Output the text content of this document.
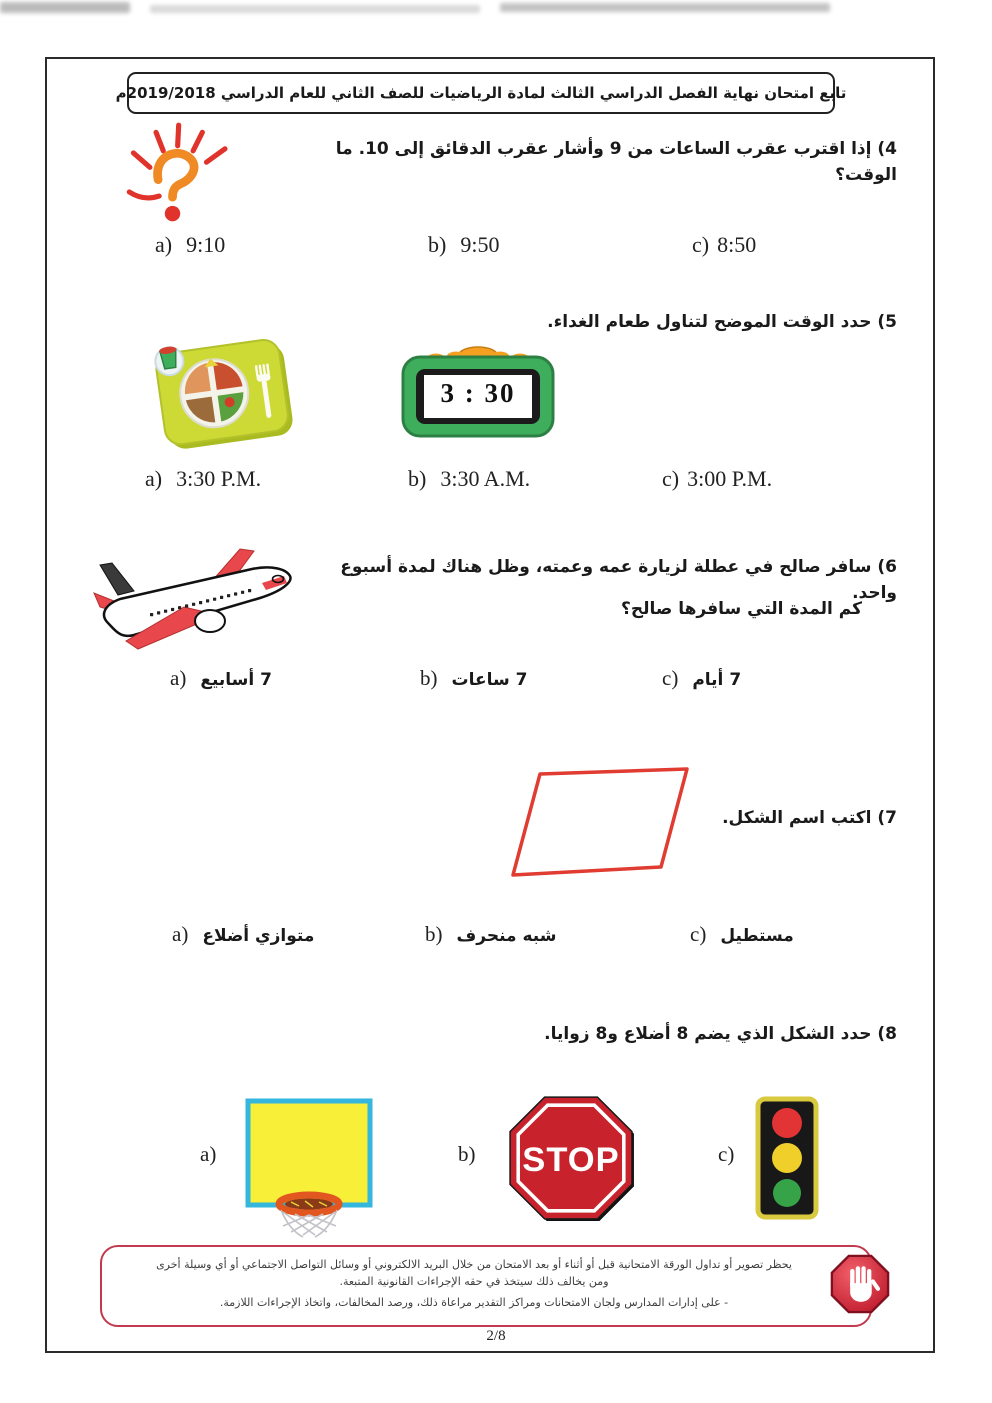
تابع امتحان نهاية الفصل الدراسي الثالث لمادة الرياضيات للصف الثاني للعام الدراسي 2019/2018م
4) إذا اقترب عقرب الساعات من 9 وأشار عقرب الدقائق إلى 10. ما الوقت؟
a) 9:10	b) 9:50	c) 8:50
5) حدد الوقت الموضح لتناول طعام الغداء.
3 : 30
a) 3:30 P.M.	b) 3:30 A.M.	c) 3:00 P.M.
6) سافر صالح في عطلة لزيارة عمه وعمته، وظل هناك لمدة أسبوع واحد.
كم المدة التي سافرها صالح؟
a) 7 أسابيع	b) 7 ساعات	c) 7 أيام
7) اكتب اسم الشكل.
a) متوازي أضلاع	b) شبه منحرف	c) مستطيل
8) حدد الشكل الذي يضم 8 أضلاع و8 زوايا.
a)	b) STOP	c)
يحظر تصوير أو تداول الورقة الامتحانية قبل أو أثناء أو بعد الامتحان من خلال البريد الالكتروني أو وسائل التواصل الاجتماعي أو أي وسيلة أخرى
ومن يخالف ذلك سيتخذ في حقه الإجراءات القانونية المتبعة.
- على إدارات المدارس ولجان الامتحانات ومراكز التقدير مراعاة ذلك، ورصد المخالفات، واتخاذ الإجراءات اللازمة.
2/8
